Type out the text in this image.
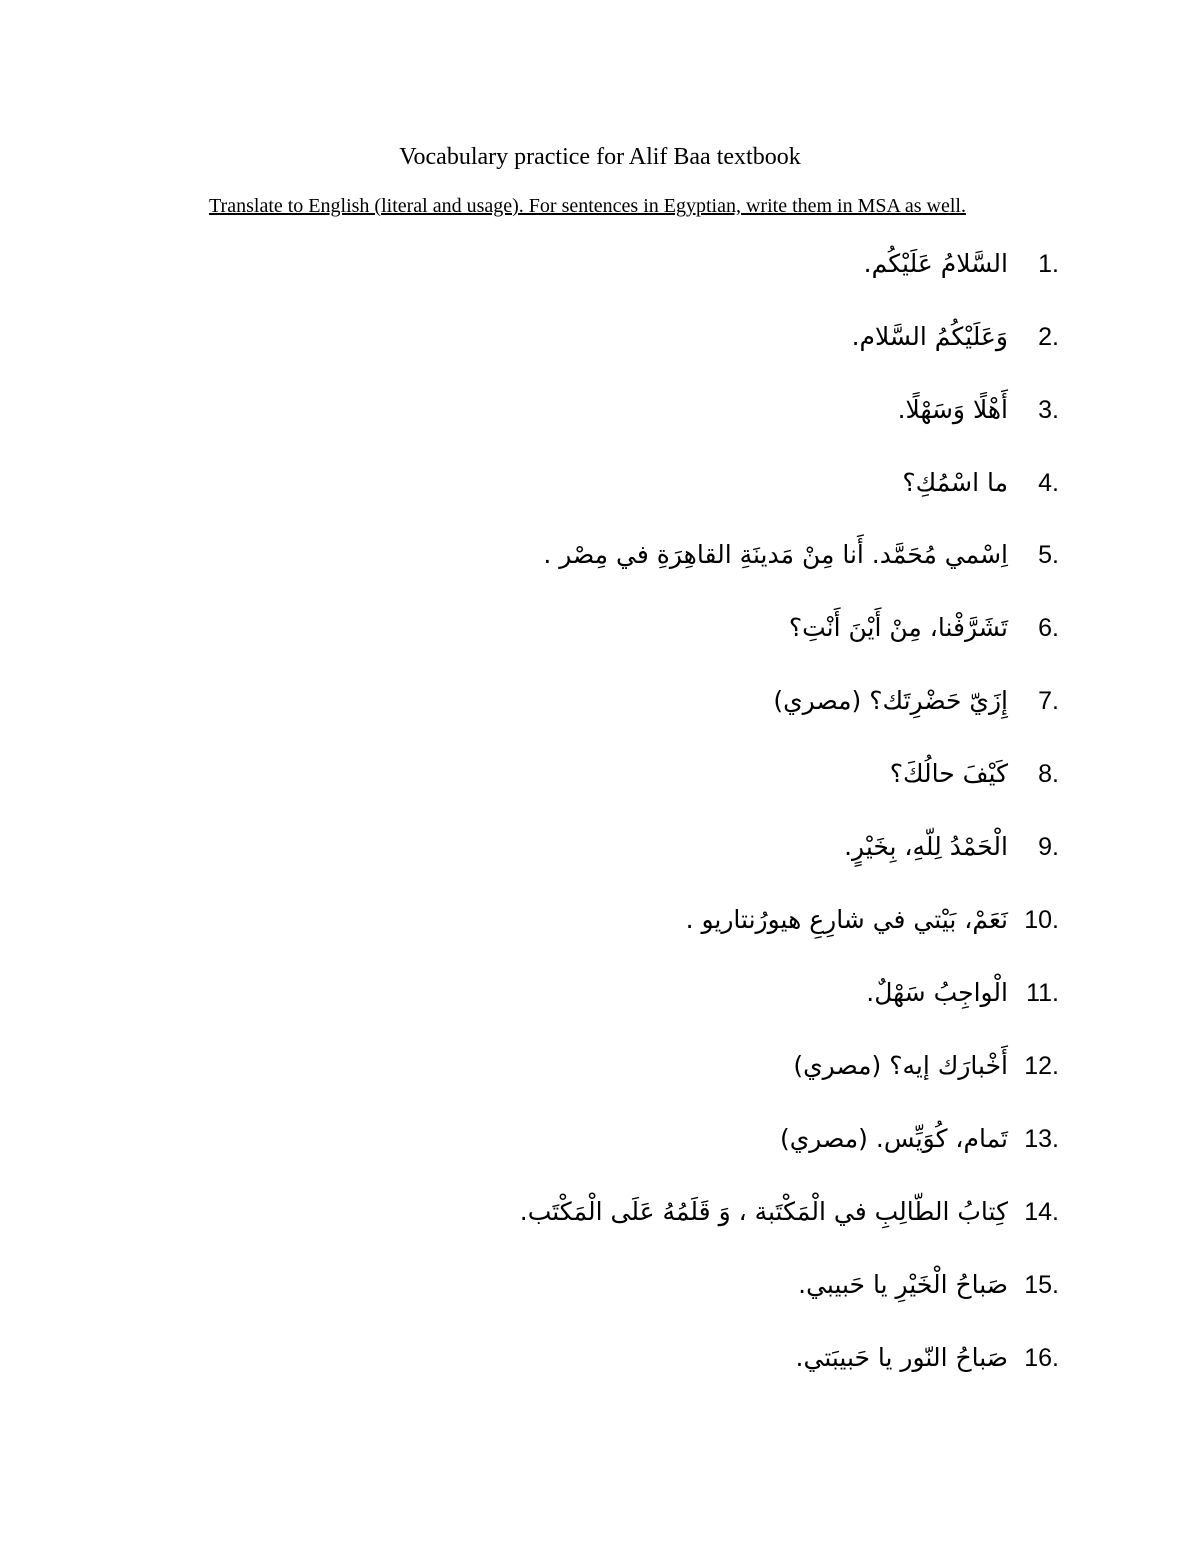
Vocabulary practice for Alif Baa textbook
Translate to English (literal and usage). For sentences in Egyptian, write them in MSA as well.
1.
السَّلامُ عَلَيْكُم.
2.
وَعَلَيْكُمُ السَّلام.
3.
أَهْلًا وَسَهْلًا.
4.
ما اسْمُكِ؟
5.
اِسْمي مُحَمَّد. أَنا مِنْ مَدينَةِ القاهِرَةِ في مِصْر .
6.
تَشَرَّفْنا، مِنْ أَيْنَ أَنْتِ؟
7.
إِزَيّ حَضْرِتَك؟ (مصري)
8.
كَيْفَ حالُكَ؟
9.
الْحَمْدُ لِلّهِ، بِخَيْرٍ.
10.
نَعَمْ، بَيْتي في شارِعِ هيورُنتاريو .
11.
الْواجِبُ سَهْلٌ.
12.
أَخْبارَك إيه؟ (مصري)
13.
تَمام، كُوَيِّس. (مصري)
14.
كِتابُ الطّالِبِ في الْمَكْتَبة ، وَ قَلَمُهُ عَلَى الْمَكْتَب.
15.
صَباحُ الْخَيْرِ يا حَبيبي.
16.
صَباحُ النّور يا حَبيبَتي.
